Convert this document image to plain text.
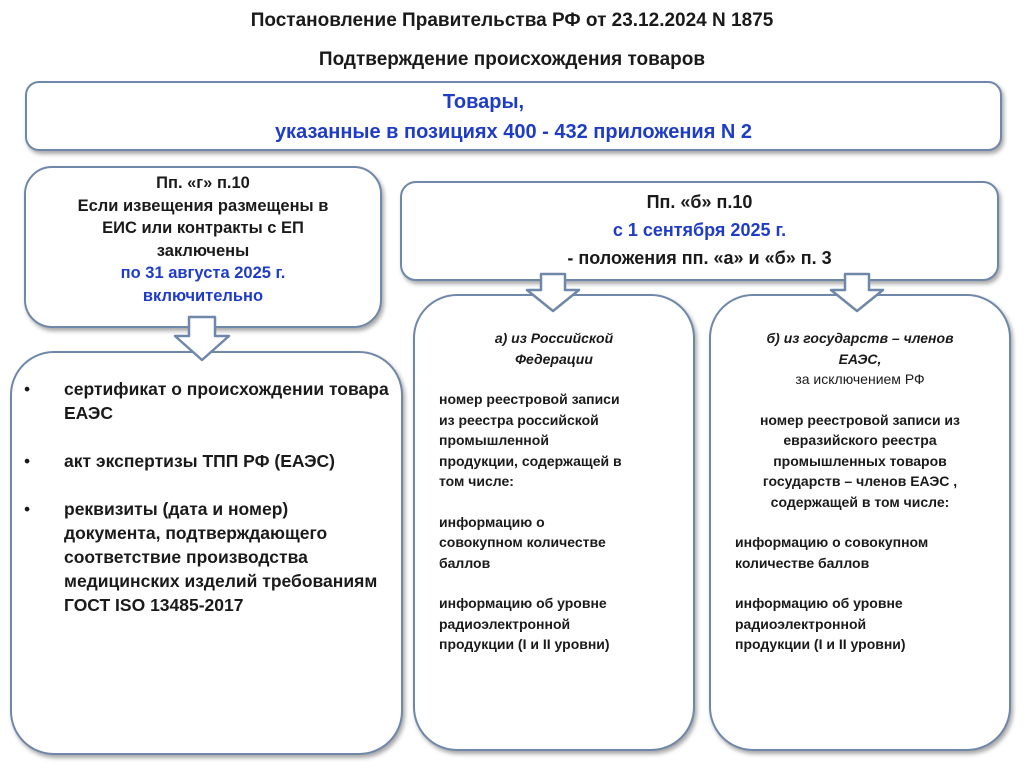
Постановление Правительства РФ от 23.12.2024 N 1875
Подтверждение происхождения товаров
Товары,
указанные в позициях 400 - 432 приложения N 2
Пп. «г» п.10
Если извещения размещены в
ЕИС или контракты с ЕП
заключены
по 31 августа 2025 г.
включительно
Пп. «б» п.10
с 1 сентября 2025 г.
- положения пп. «а» и «б» п. 3
• сертификат о происхождении товара ЕАЭС
• акт экспертизы ТПП РФ (ЕАЭС)
• реквизиты (дата и номер) документа, подтверждающего соответствие производства медицинских изделий требованиям ГОСТ ISO 13485-2017
а) из Российской
Федерации
номер реестровой записи
из реестра российской
промышленной
продукции, содержащей в
том числе:
информацию о
совокупном количестве
баллов
информацию об уровне
радиоэлектронной
продукции (I и II уровни)
б) из государств – членов
ЕАЭС,
за исключением РФ
номер реестровой записи из
евразийского реестра
промышленных товаров
государств – членов ЕАЭС ,
содержащей в том числе:
информацию о совокупном
количестве баллов
информацию об уровне
радиоэлектронной
продукции (I и II уровни)
